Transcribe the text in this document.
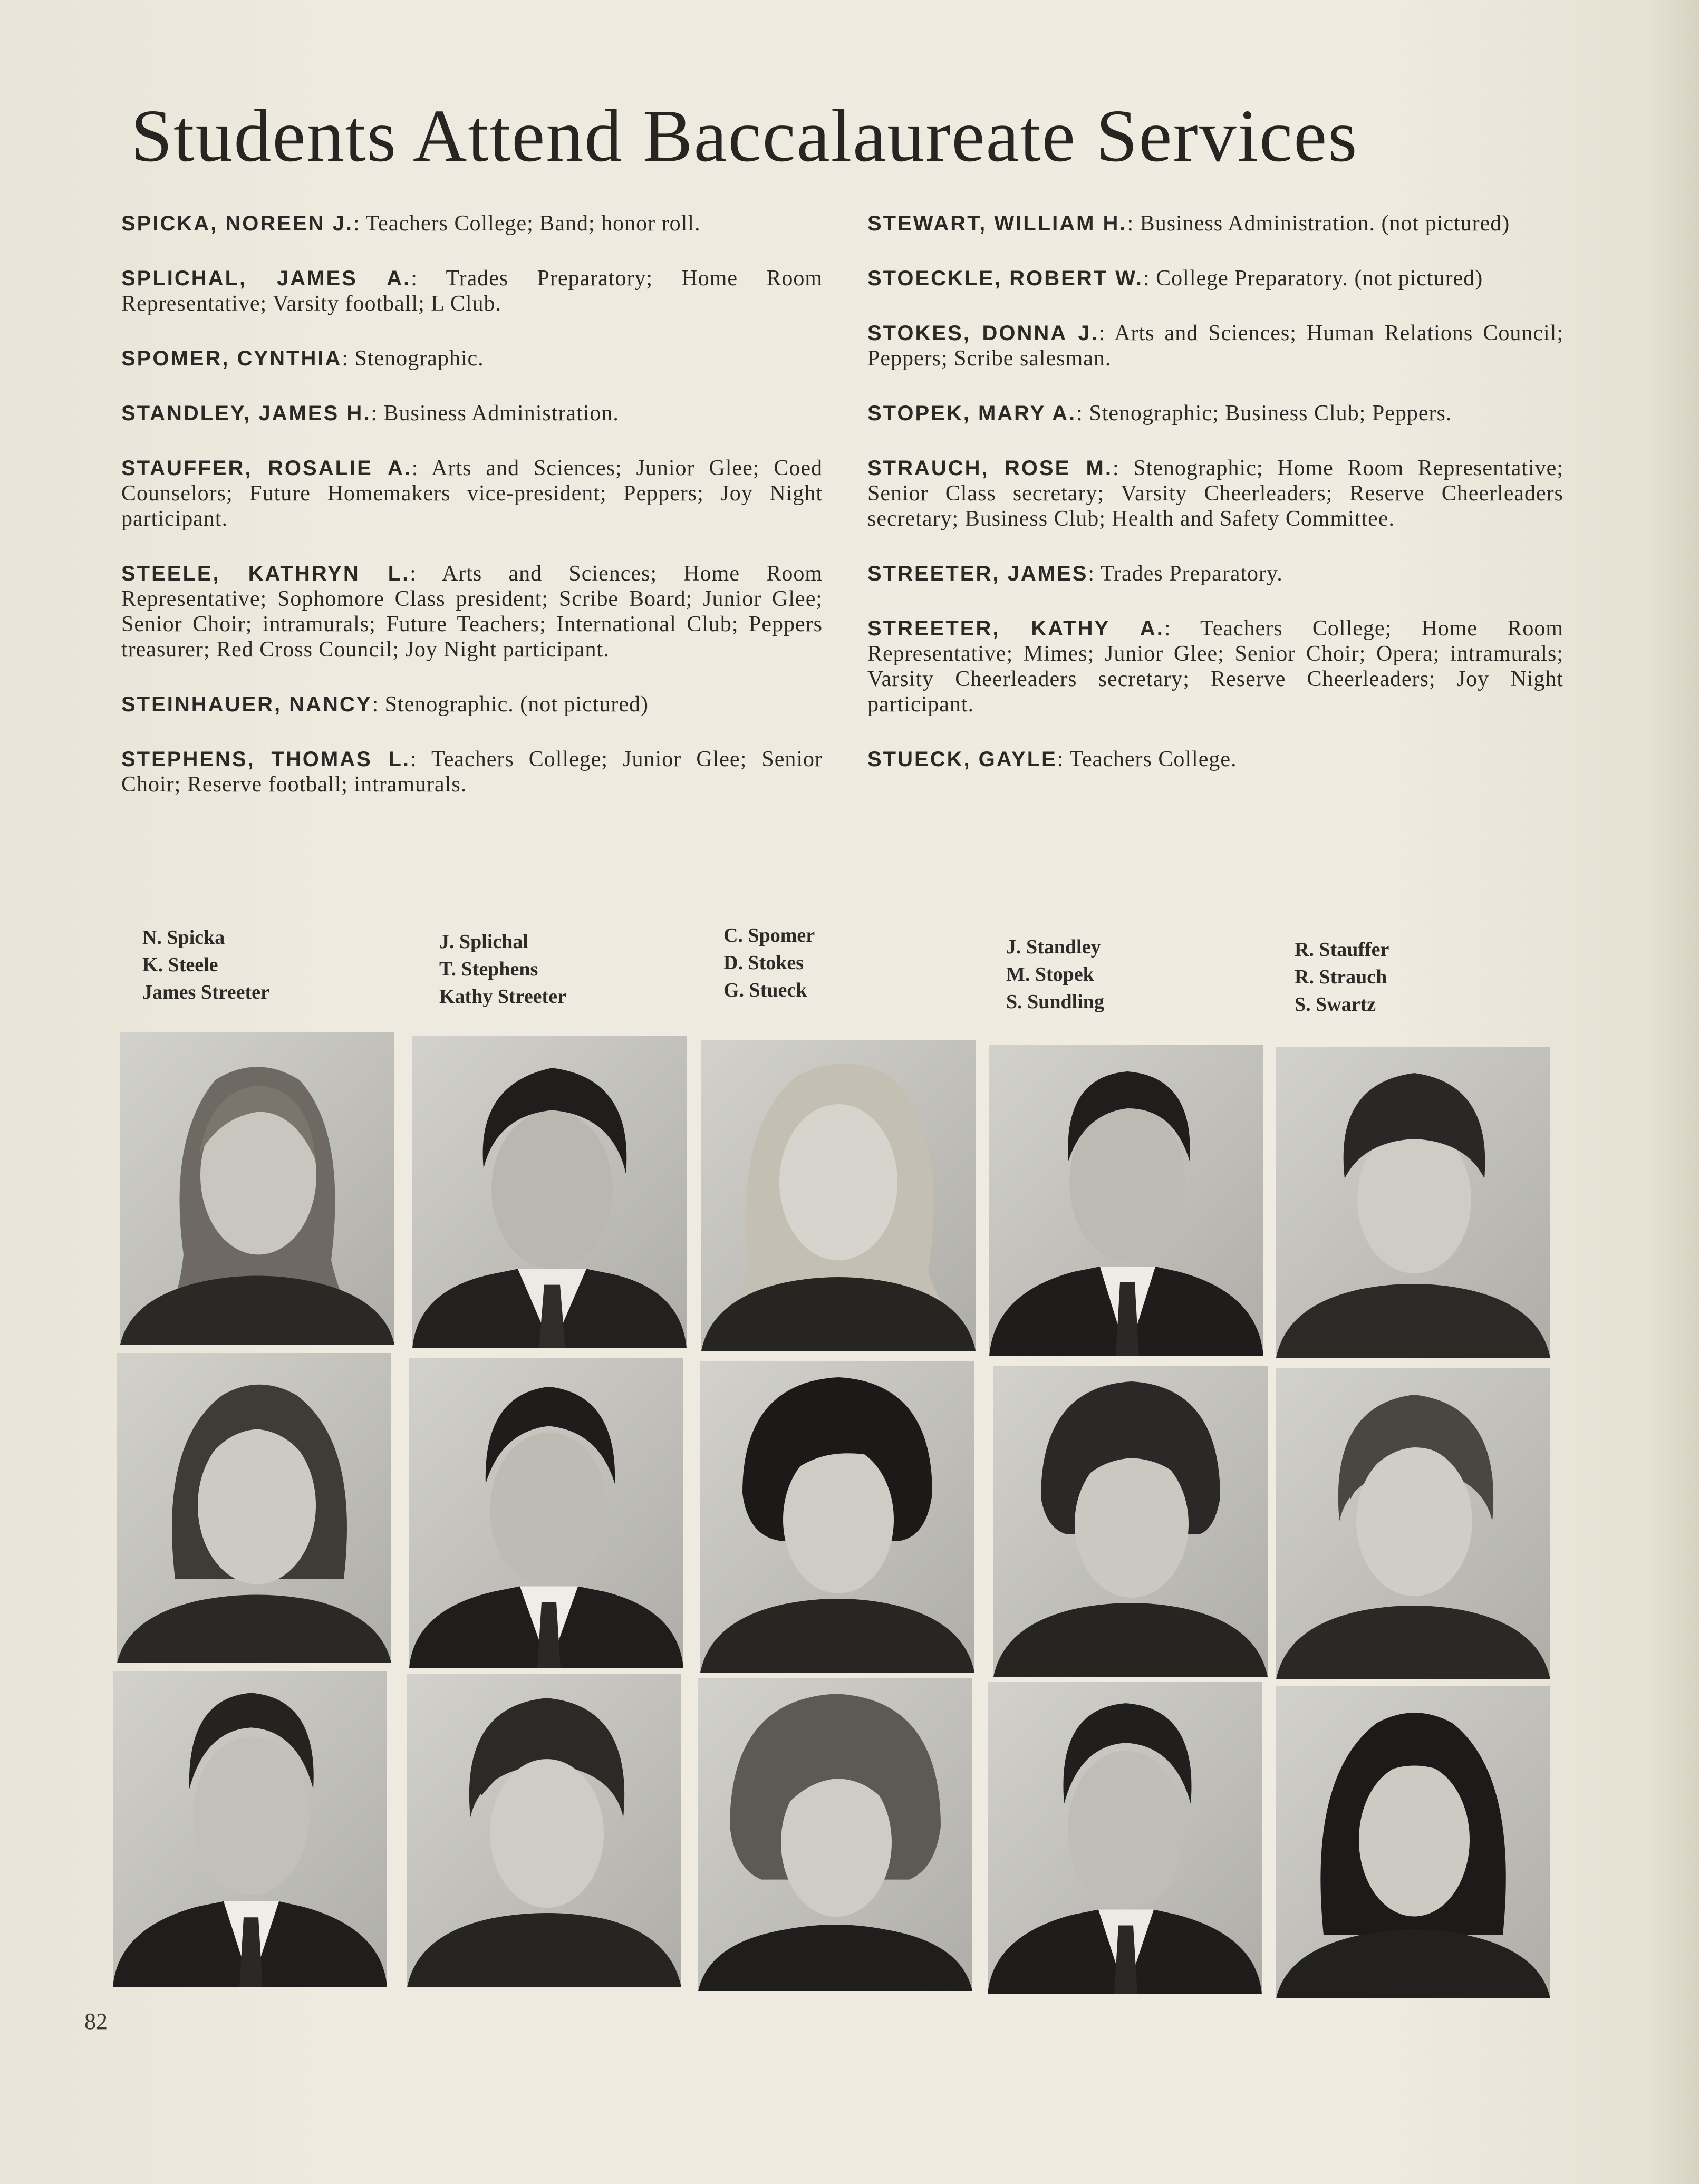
Students Attend Baccalaureate Services

SPICKA, NOREEN J.: Teachers College; Band; honor roll.

SPLICHAL, JAMES A.: Trades Preparatory; Home Room Representative; Varsity football; L Club.

SPOMER, CYNTHIA: Stenographic.

STANDLEY, JAMES H.: Business Administration.

STAUFFER, ROSALIE A.: Arts and Sciences; Junior Glee; Coed Counselors; Future Homemakers vice-president; Peppers; Joy Night participant.

STEELE, KATHRYN L.: Arts and Sciences; Home Room Representative; Sophomore Class president; Scribe Board; Junior Glee; Senior Choir; intramurals; Future Teachers; International Club; Peppers treasurer; Red Cross Council; Joy Night participant.

STEINHAUER, NANCY: Stenographic. (not pictured)

STEPHENS, THOMAS L.: Teachers College; Junior Glee; Senior Choir; Reserve football; intramurals.

STEWART, WILLIAM H.: Business Administration. (not pictured)

STOECKLE, ROBERT W.: College Preparatory. (not pictured)

STOKES, DONNA J.: Arts and Sciences; Human Relations Council; Peppers; Scribe salesman.

STOPEK, MARY A.: Stenographic; Business Club; Peppers.

STRAUCH, ROSE M.: Stenographic; Home Room Representative; Senior Class secretary; Varsity Cheerleaders; Reserve Cheerleaders secretary; Business Club; Health and Safety Committee.

STREETER, JAMES: Trades Preparatory.

STREETER, KATHY A.: Teachers College; Home Room Representative; Mimes; Junior Glee; Senior Choir; Opera; intramurals; Varsity Cheerleaders secretary; Reserve Cheerleaders; Joy Night participant.

STUECK, GAYLE: Teachers College.

N. Spicka
K. Steele
James Streeter
J. Splichal
T. Stephens
Kathy Streeter
C. Spomer
D. Stokes
G. Stueck
J. Standley
M. Stopek
S. Sundling
R. Stauffer
R. Strauch
S. Swartz
82
